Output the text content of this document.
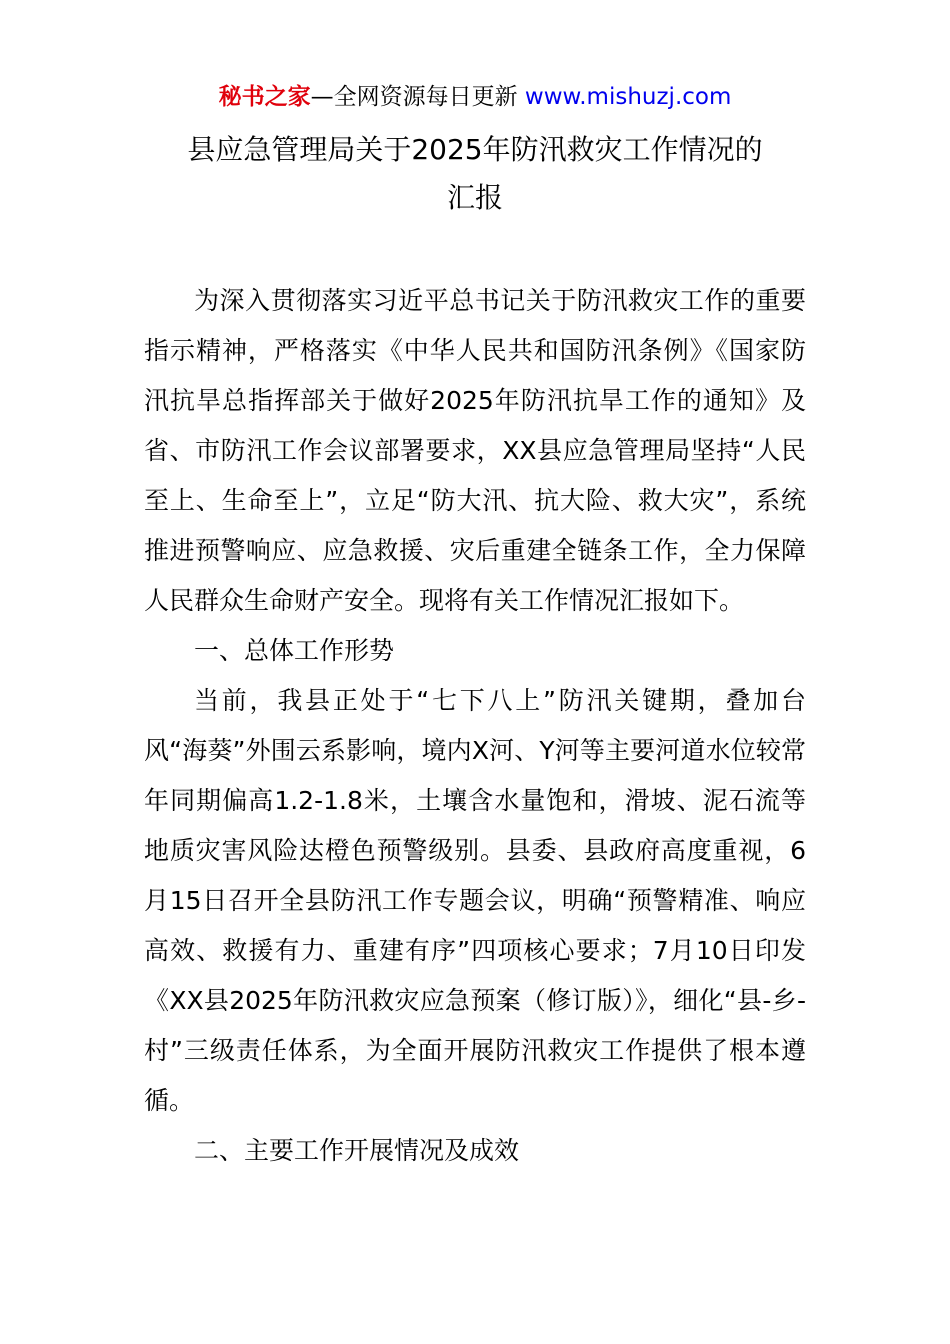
秘书之家—全网资源每日更新 www.mishuzj.com
县应急管理局关于2025年防汛救灾工作情况的
汇报

为深入贯彻落实习近平总书记关于防汛救灾工作的重要指示精神，严格落实《中华人民共和国防汛条例》《国家防汛抗旱总指挥部关于做好2025年防汛抗旱工作的通知》及省、市防汛工作会议部署要求，XX县应急管理局坚持“人民至上、生命至上”，立足“防大汛、抗大险、救大灾”，系统推进预警响应、应急救援、灾后重建全链条工作，全力保障人民群众生命财产安全。现将有关工作情况汇报如下。

一、总体工作形势

当前，我县正处于“七下八上”防汛关键期，叠加台风“海葵”外围云系影响，境内X河、Y河等主要河道水位较常年同期偏高1.2-1.8米，土壤含水量饱和，滑坡、泥石流等地质灾害风险达橙色预警级别。县委、县政府高度重视，6月15日召开全县防汛工作专题会议，明确“预警精准、响应高效、救援有力、重建有序”四项核心要求；7月10日印发《XX县2025年防汛救灾应急预案（修订版）》，细化“县-乡-村”三级责任体系，为全面开展防汛救灾工作提供了根本遵循。

二、主要工作开展情况及成效
